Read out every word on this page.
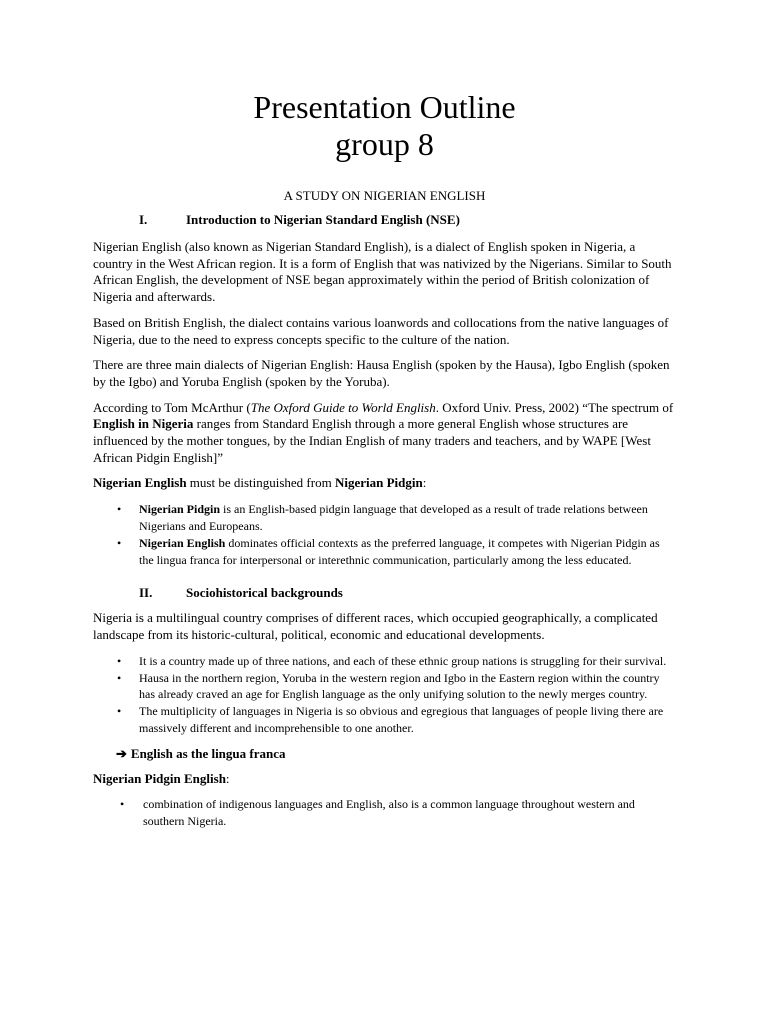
Presentation Outline
group 8
A STUDY ON NIGERIAN ENGLISH
I.	Introduction to Nigerian Standard English (NSE)

Nigerian English (also known as Nigerian Standard English), is a dialect of English spoken in Nigeria, a country in the West African region. It is a form of English that was nativized by the Nigerians. Similar to South African English, the development of NSE began approximately within the period of British colonization of Nigeria and afterwards.

Based on British English, the dialect contains various loanwords and collocations from the native languages of Nigeria, due to the need to express concepts specific to the culture of the nation.

There are three main dialects of Nigerian English: Hausa English (spoken by the Hausa), Igbo English (spoken by the Igbo) and Yoruba English (spoken by the Yoruba).

According to Tom McArthur (The Oxford Guide to World English. Oxford Univ. Press, 2002) “The spectrum of English in Nigeria ranges from Standard English through a more general English whose structures are influenced by the mother tongues, by the Indian English of many traders and teachers, and by WAPE [West African Pidgin English]”

Nigerian English must be distinguished from Nigerian Pidgin:

• Nigerian Pidgin is an English-based pidgin language that developed as a result of trade relations between Nigerians and Europeans.
• Nigerian English dominates official contexts as the preferred language, it competes with Nigerian Pidgin as the lingua franca for interpersonal or interethnic communication, particularly among the less educated.
II.	Sociohistorical backgrounds

Nigeria is a multilingual country comprises of different races, which occupied geographically, a complicated landscape from its historic-cultural, political, economic and educational developments.

• It is a country made up of three nations, and each of these ethnic group nations is struggling for their survival.
• Hausa in the northern region, Yoruba in the western region and Igbo in the Eastern region within the country has already craved an age for English language as the only unifying solution to the newly merges country.
• The multiplicity of languages in Nigeria is so obvious and egregious that languages of people living there are massively different and incomprehensible to one another.
➔ English as the lingua franca

Nigerian Pidgin English:

• combination of indigenous languages and English, also is a common language throughout western and southern Nigeria.
